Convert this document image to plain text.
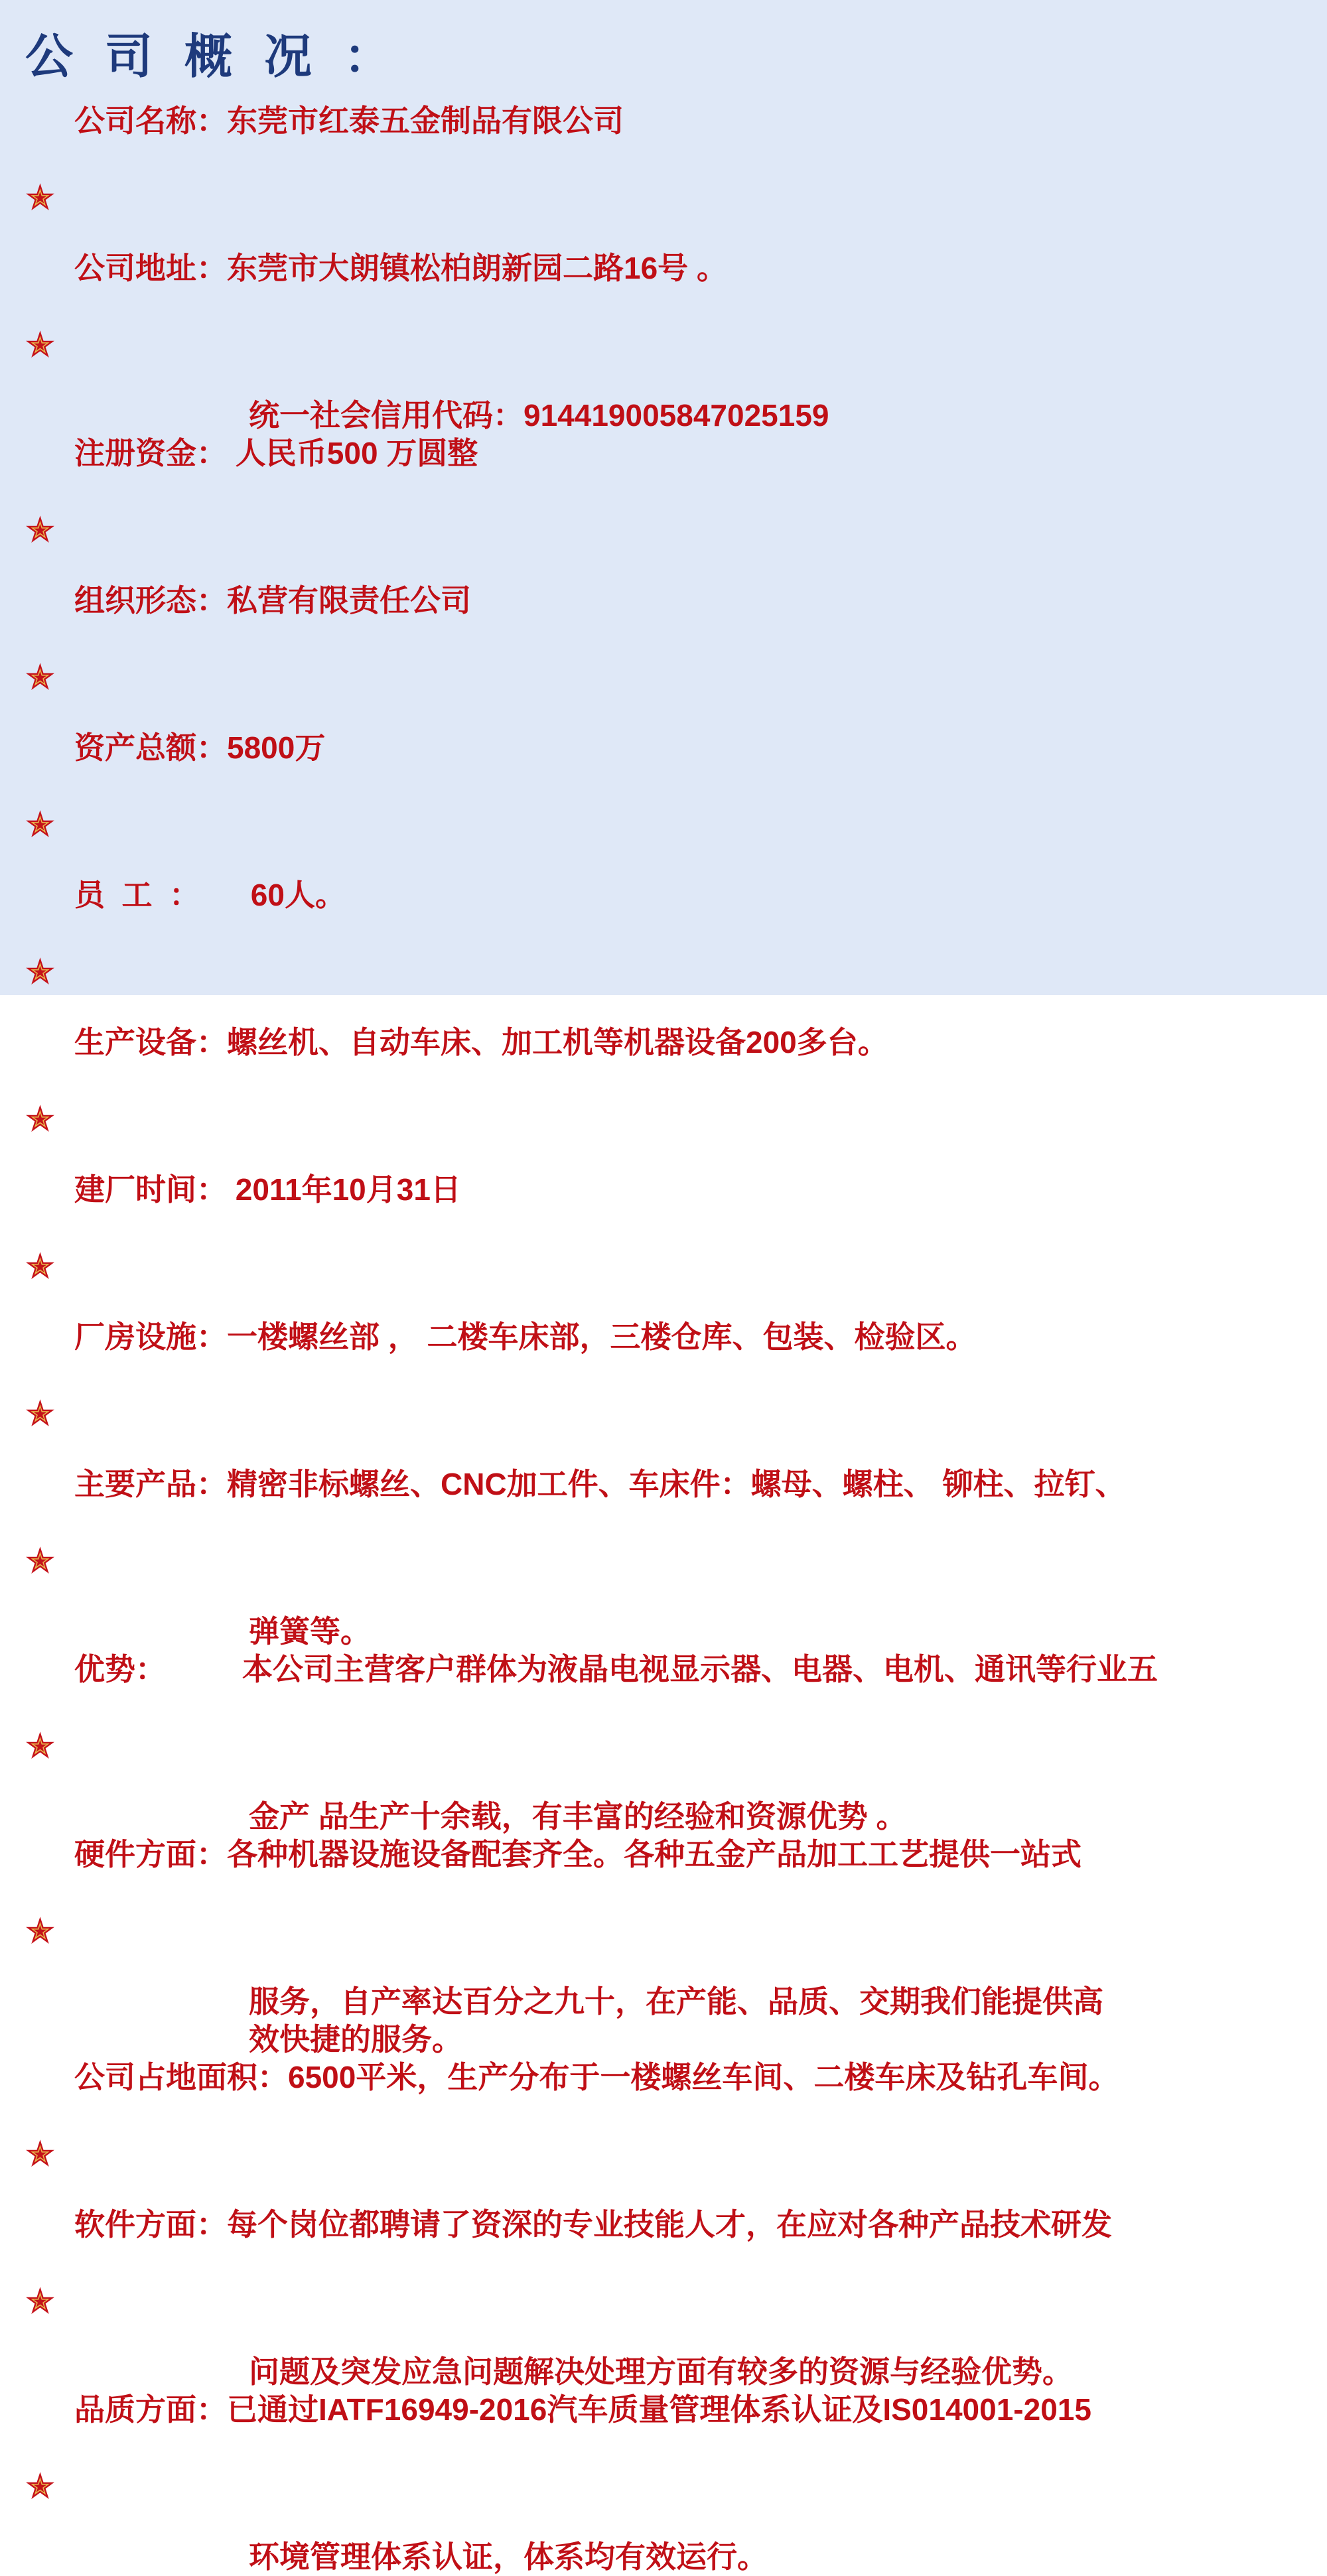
公 司 概 况 ：

公司名称：东莞市红泰五金制品有限公司

公司地址：东莞市大朗镇松柏朗新园二路16号 。
统一社会信用代码：914419005847025159

注册资金： 人民币500 万圆整

组织形态：私营有限责任公司

资产总额：5800万

员  工  ：      60人。

生产设备：螺丝机、自动车床、加工机等机器设备200多台。

建厂时间： 2011年10月31日

厂房设施：一楼螺丝部 ， 二楼车床部，三楼仓库、包装、检验区。

主要产品：精密非标螺丝、CNC加工件、车床件：螺母、螺柱、 铆柱、拉钉、
弹簧等。

优势：         本公司主营客户群体为液晶电视显示器、电器、电机、通讯等行业五
金产 品生产十余载，有丰富的经验和资源优势 。

硬件方面：各种机器设施设备配套齐全。各种五金产品加工工艺提供一站式
服务，自产率达百分之九十，在产能、品质、交期我们能提供高
效快捷的服务。

公司占地面积：6500平米，生产分布于一楼螺丝车间、二楼车床及钻孔车间。

软件方面：每个岗位都聘请了资深的专业技能人才，在应对各种产品技术研发
问题及突发应急问题解决处理方面有较多的资源与经验优势。

品质方面：已通过IATF16949-2016汽车质量管理体系认证及IS014001-2015
环境管理体系认证，体系均有效运行。
